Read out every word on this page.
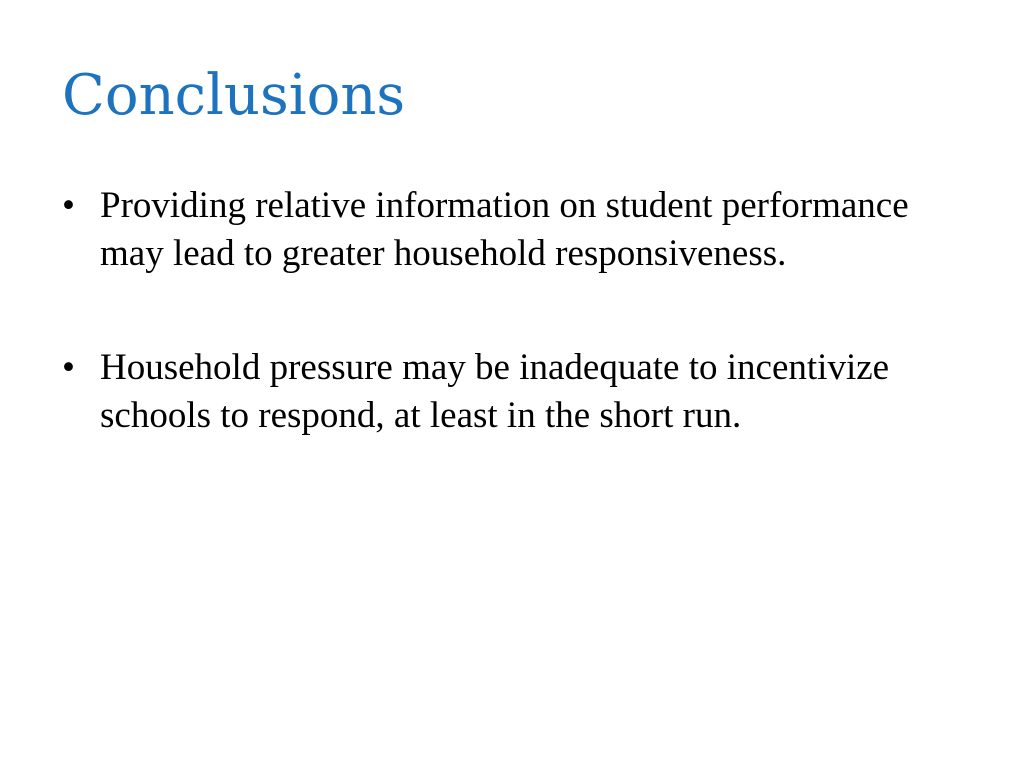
Conclusions
• Providing relative information on student performance may lead to greater household responsiveness.
• Household pressure may be inadequate to incentivize schools to respond, at least in the short run.
